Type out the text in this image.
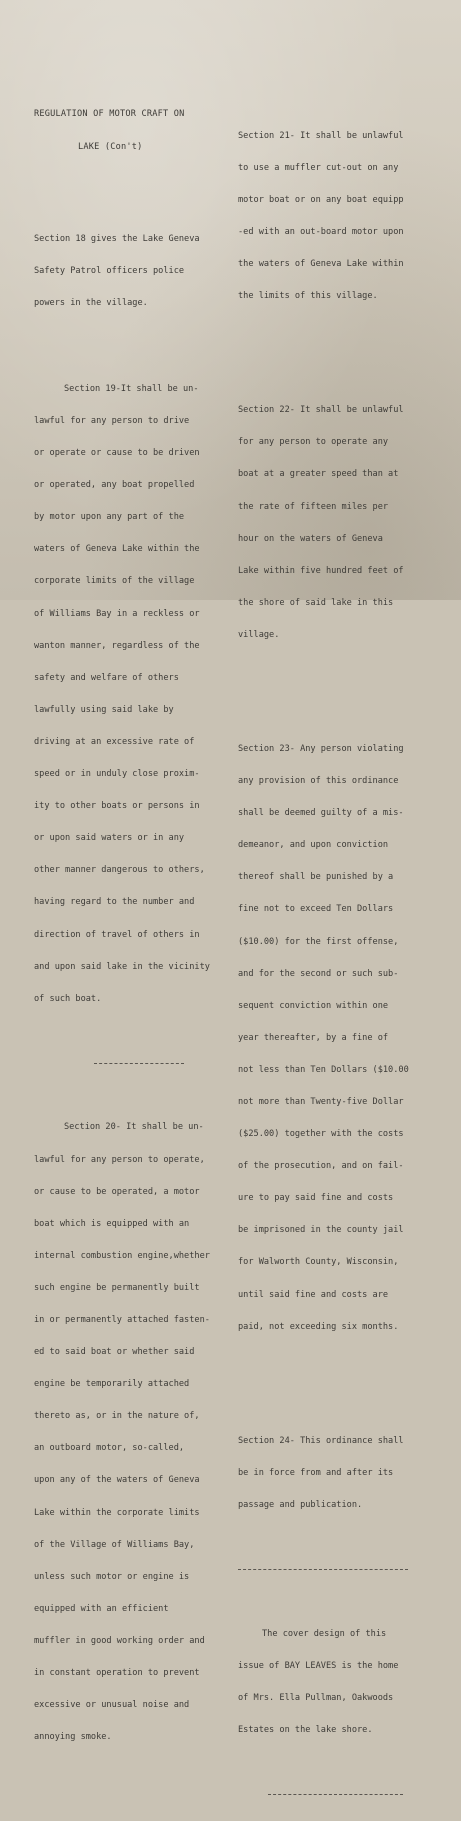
REGULATION OF MOTOR CRAFT ON

LAKE (Con't)

Section 18 gives the Lake Geneva

Safety Patrol officers police

powers in the village.

Section 19-It shall be un-

lawful for any person to drive

or operate or cause to be driven

or operated, any boat propelled

by motor upon any part of the

waters of Geneva Lake within the

corporate limits of the village

of Williams Bay in a reckless or

wanton manner, regardless of the

safety and welfare of others

lawfully using said lake by

driving at an excessive rate of

speed or in unduly close proxim-

ity to other boats or persons in

or upon said waters or in any

other manner dangerous to others,

having regard to the number and

direction of travel of others in

and upon said lake in the vicinity

of such boat.

Section 20- It shall be un-

lawful for any person to operate,

or cause to be operated, a motor

boat which is equipped with an

internal combustion engine,whether

such engine be permanently built

in or permanently attached fasten-

ed to said boat or whether said

engine be temporarily attached

thereto as, or in the nature of,

an outboard motor, so-called,

upon any of the waters of Geneva

Lake within the corporate limits

of the Village of Williams Bay,

unless such motor or engine is

equipped with an efficient

muffler in good working order and

in constant operation to prevent

excessive or unusual noise and

annoying smoke.

Section 21- It shall be unlawful

to use a muffler cut-out on any

motor boat or on any boat equipp

-ed with an out-board motor upon

the waters of Geneva Lake within

the limits of this village.

Section 22- It shall be unlawful

for any person to operate any

boat at a greater speed than at

the rate of fifteen miles per

hour on the waters of Geneva

Lake within five hundred feet of

the shore of said lake in this

village.

Section 23- Any person violating

any provision of this ordinance

shall be deemed guilty of a mis-

demeanor, and upon conviction

thereof shall be punished by a

fine not to exceed Ten Dollars

($10.00) for the first offense,

and for the second or such sub-

sequent conviction within one

year thereafter, by a fine of

not less than Ten Dollars ($10.00

not more than Twenty-five Dollar

($25.00) together with the costs

of the prosecution, and on fail-

ure to pay said fine and costs

be imprisoned in the county jail

for Walworth County, Wisconsin,

until said fine and costs are

paid, not exceeding six months.

Section 24- This ordinance shall

be in force from and after its

passage and publication.

The cover design of this

issue of BAY LEAVES is the home

of Mrs. Ella Pullman, Oakwoods

Estates on the lake shore.
